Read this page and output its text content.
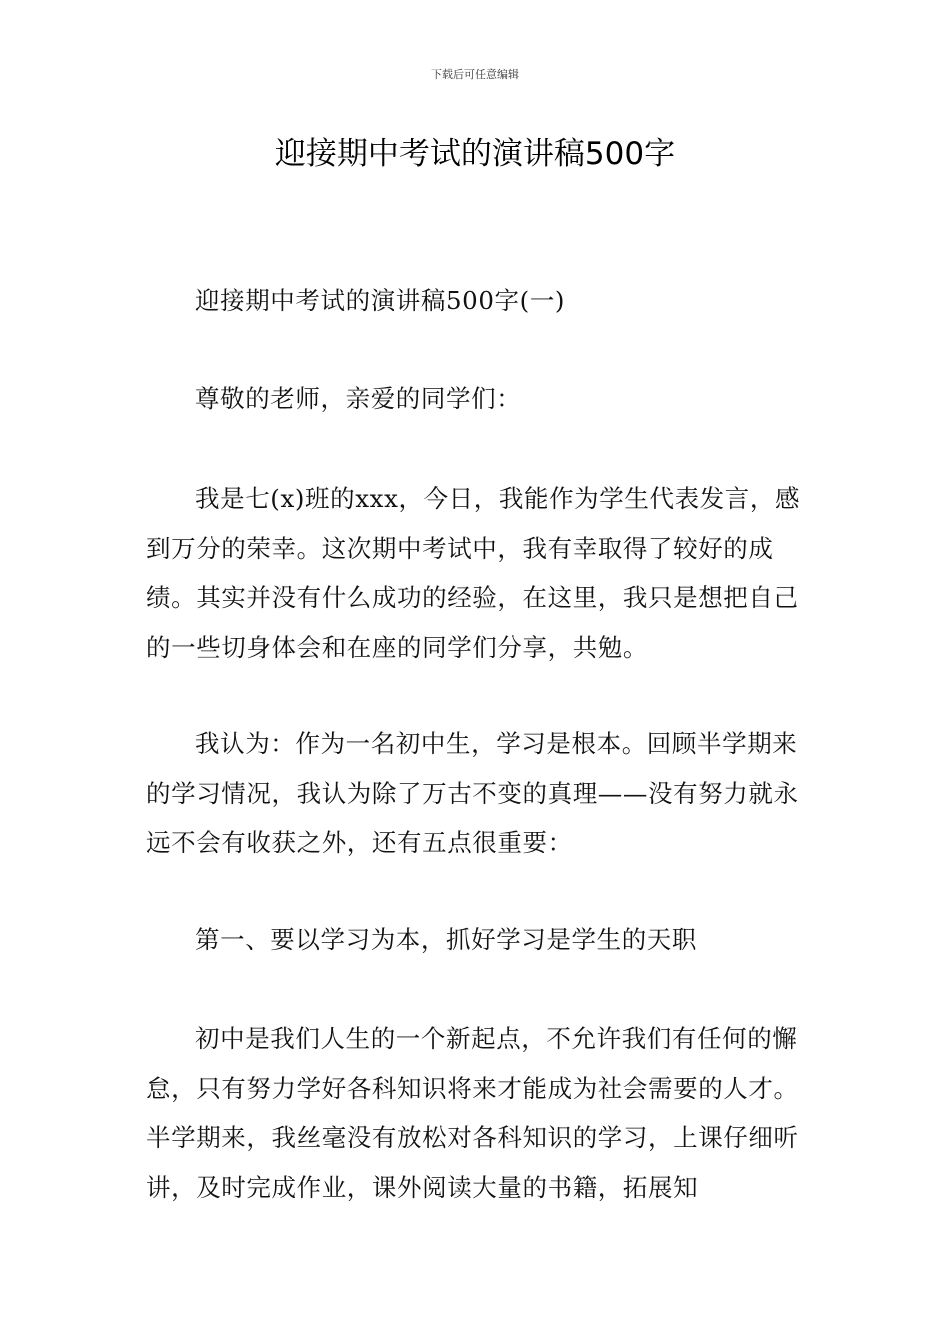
下载后可任意编辑
迎接期中考试的演讲稿500字

迎接期中考试的演讲稿500字(一)

尊敬的老师，亲爱的同学们：

我是七(x)班的xxx，今日，我能作为学生代表发言，感到万分的荣幸。这次期中考试中，我有幸取得了较好的成绩。其实并没有什么成功的经验，在这里，我只是想把自己的一些切身体会和在座的同学们分享，共勉。

我认为：作为一名初中生，学习是根本。回顾半学期来的学习情况，我认为除了万古不变的真理——没有努力就永远不会有收获之外，还有五点很重要：

第一、要以学习为本，抓好学习是学生的天职

初中是我们人生的一个新起点，不允许我们有任何的懈怠，只有努力学好各科知识将来才能成为社会需要的人才。半学期来，我丝毫没有放松对各科知识的学习，上课仔细听讲，及时完成作业，课外阅读大量的书籍，拓展知
